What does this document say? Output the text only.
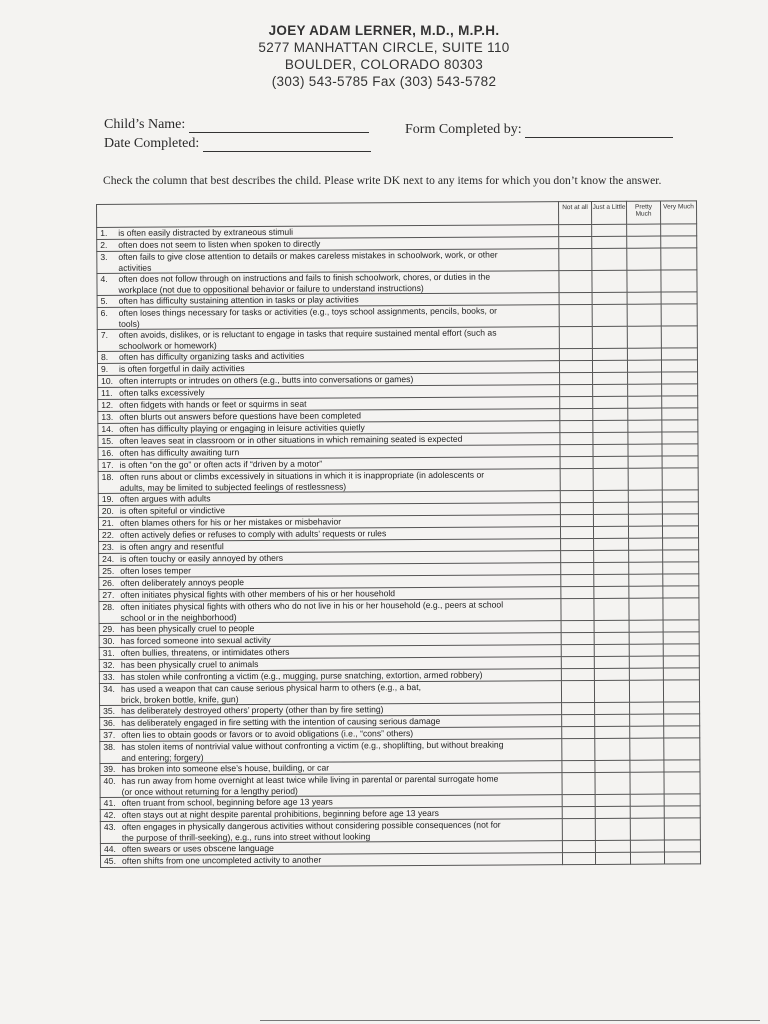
JOEY ADAM LERNER, M.D., M.P.H.
5277 MANHATTAN CIRCLE, SUITE 110
BOULDER, COLORADO 80303
(303) 543-5785 Fax (303) 543-5782
Child’s Name:
Date Completed:
Form Completed by:
Check the column that best describes the child. Please write DK next to any items for which you don’t know the answer.
	Not at all	Just a Little	Pretty Much	Very Much
1. is often easily distracted by extraneous stimuli				
2. often does not seem to listen when spoken to directly				
3. often fails to give close attention to details or makes careless mistakes in schoolwork, work, or other
activities				

4. often does not follow through on instructions and fails to finish schoolwork, chores, or duties in the
workplace (not due to oppositional behavior or failure to understand instructions)				

5. often has difficulty sustaining attention in tasks or play activities				
6. often loses things necessary for tasks or activities (e.g., toys school assignments, pencils, books, or
tools)				

7. often avoids, dislikes, or is reluctant to engage in tasks that require sustained mental effort (such as
schoolwork or homework)				

8. often has difficulty organizing tasks and activities				
9. is often forgetful in daily activities				
10. often interrupts or intrudes on others (e.g., butts into conversations or games)				
11. often talks excessively				
12. often fidgets with hands or feet or squirms in seat				
13. often blurts out answers before questions have been completed				
14. often has difficulty playing or engaging in leisure activities quietly				
15. often leaves seat in classroom or in other situations in which remaining seated is expected				
16. often has difficulty awaiting turn				
17. is often “on the go” or often acts if “driven by a motor”				
18. often runs about or climbs excessively in situations in which it is inappropriate (in adolescents or
adults, may be limited to subjected feelings of restlessness)				

19. often argues with adults				
20. is often spiteful or vindictive				
21. often blames others for his or her mistakes or misbehavior				
22. often actively defies or refuses to comply with adults’ requests or rules				
23. is often angry and resentful				
24. is often touchy or easily annoyed by others				
25. often loses temper				
26. often deliberately annoys people				
27. often initiates physical fights with other members of his or her household				
28. often initiates physical fights with others who do not live in his or her household (e.g., peers at school
school or in the neighborhood)				

29. has been physically cruel to people				
30. has forced someone into sexual activity				
31. often bullies, threatens, or intimidates others				
32. has been physically cruel to animals				
33. has stolen while confronting a victim (e.g., mugging, purse snatching, extortion, armed robbery)				
34. has used a weapon that can cause serious physical harm to others (e.g., a bat,
brick, broken bottle, knife, gun)				

35. has deliberately destroyed others’ property (other than by fire setting)				
36. has deliberately engaged in fire setting with the intention of causing serious damage				
37. often lies to obtain goods or favors or to avoid obligations (i.e., “cons” others)				
38. has stolen items of nontrivial value without confronting a victim (e.g., shoplifting, but without breaking
and entering; forgery)				

39. has broken into someone else’s house, building, or car				
40. has run away from home overnight at least twice while living in parental or parental surrogate home
(or once without returning for a lengthy period)				

41. often truant from school, beginning before age 13 years				
42. often stays out at night despite parental prohibitions, beginning before age 13 years				
43. often engages in physically dangerous activities without considering possible consequences (not for
the purpose of thrill-seeking), e.g., runs into street without looking				

44. often swears or uses obscene language				
45. often shifts from one uncompleted activity to another				
